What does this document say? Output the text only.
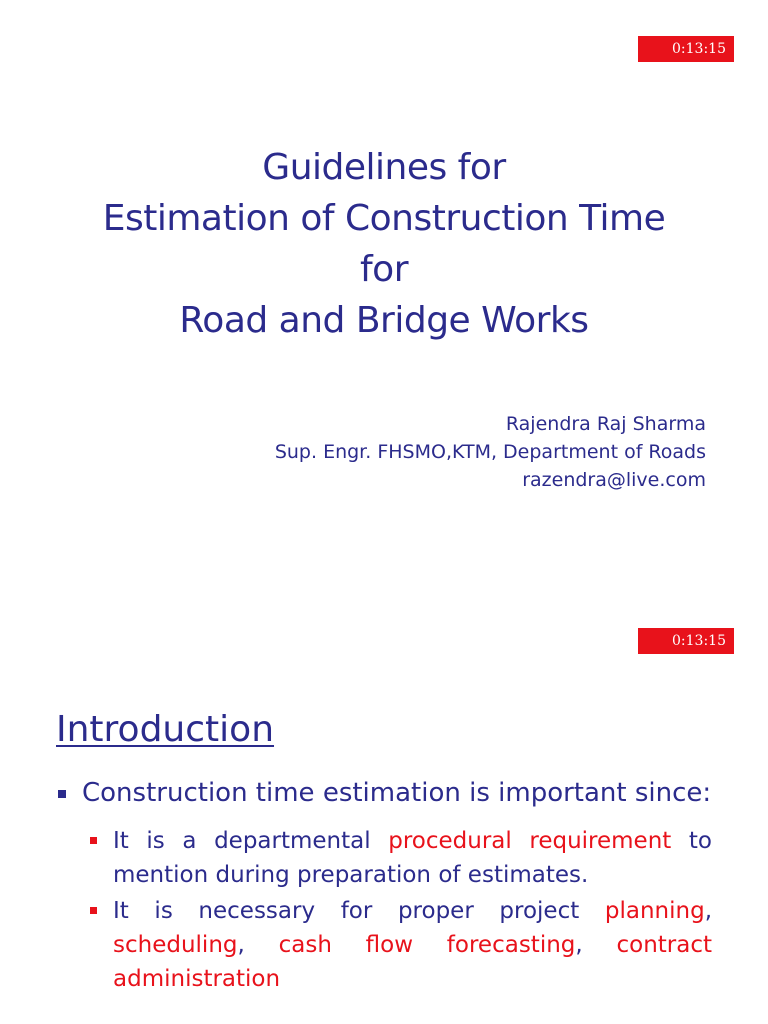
0:13:15
Guidelines for
Estimation of Construction Time
for
Road and Bridge Works
Rajendra Raj Sharma
Sup. Engr. FHSMO,KTM, Department of Roads
razendra@live.com
0:13:15
Introduction
Construction time estimation is important since:
It is a departmental procedural requirement to mention during preparation of estimates.
It is necessary for proper project planning, scheduling, cash flow forecasting, contract administration
